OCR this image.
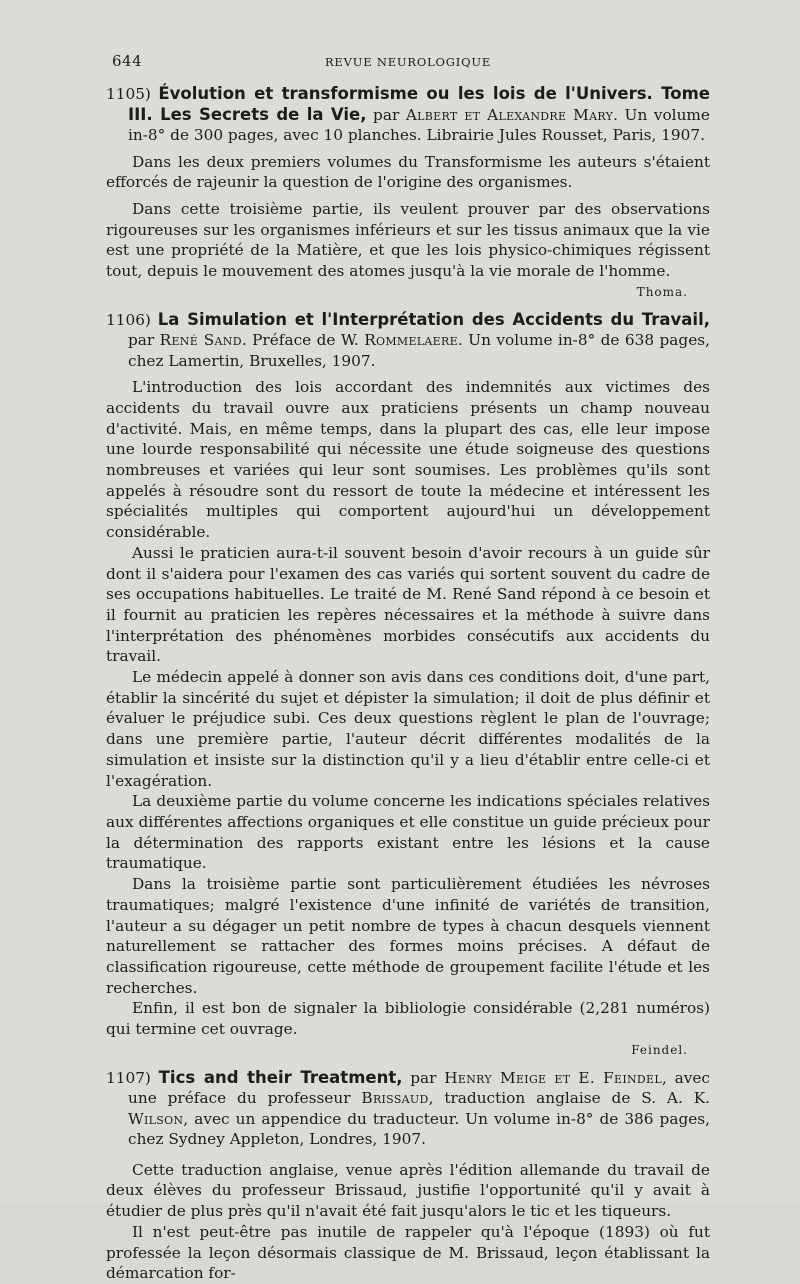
644	REVUE NEUROLOGIQUE

1105) Évolution et transformisme ou les lois de l'Univers. Tome III. Les Secrets de la Vie, par Albert et Alexandre Mary. Un volume in-8° de 300 pages, avec 10 planches. Librairie Jules Rousset, Paris, 1907.

Dans les deux premiers volumes du Transformisme les auteurs s'étaient efforcés de rajeunir la question de l'origine des organismes.

Dans cette troisième partie, ils veulent prouver par des observations rigoureuses sur les organismes inférieurs et sur les tissus animaux que la vie est une propriété de la Matière, et que les lois physico-chimiques régissent tout, depuis le mouvement des atomes jusqu'à la vie morale de l'homme.

Thoma.

1106) La Simulation et l'Interprétation des Accidents du Travail, par René Sand. Préface de W. Rommelaere. Un volume in-8° de 638 pages, chez Lamertin, Bruxelles, 1907.

L'introduction des lois accordant des indemnités aux victimes des accidents du travail ouvre aux praticiens présents un champ nouveau d'activité. Mais, en même temps, dans la plupart des cas, elle leur impose une lourde responsabilité qui nécessite une étude soigneuse des questions nombreuses et variées qui leur sont soumises. Les problèmes qu'ils sont appelés à résoudre sont du ressort de toute la médecine et intéressent les spécialités multiples qui comportent aujourd'hui un développement considérable.

Aussi le praticien aura-t-il souvent besoin d'avoir recours à un guide sûr dont il s'aidera pour l'examen des cas variés qui sortent souvent du cadre de ses occupations habituelles. Le traité de M. René Sand répond à ce besoin et il fournit au praticien les repères nécessaires et la méthode à suivre dans l'interprétation des phénomènes morbides consécutifs aux accidents du travail.

Le médecin appelé à donner son avis dans ces conditions doit, d'une part, établir la sincérité du sujet et dépister la simulation; il doit de plus définir et évaluer le préjudice subi. Ces deux questions règlent le plan de l'ouvrage; dans une première partie, l'auteur décrit différentes modalités de la simulation et insiste sur la distinction qu'il y a lieu d'établir entre celle-ci et l'exagération.

La deuxième partie du volume concerne les indications spéciales relatives aux différentes affections organiques et elle constitue un guide précieux pour la détermination des rapports existant entre les lésions et la cause traumatique.

Dans la troisième partie sont particulièrement étudiées les névroses traumatiques; malgré l'existence d'une infinité de variétés de transition, l'auteur a su dégager un petit nombre de types à chacun desquels viennent naturellement se rattacher des formes moins précises. A défaut de classification rigoureuse, cette méthode de groupement facilite l'étude et les recherches.

Enfin, il est bon de signaler la bibliologie considérable (2,281 numéros) qui termine cet ouvrage.

Feindel.

1107) Tics and their Treatment, par Henry Meige et E. Feindel, avec une préface du professeur Brissaud, traduction anglaise de S. A. K. Wilson, avec un appendice du traducteur. Un volume in-8° de 386 pages, chez Sydney Appleton, Londres, 1907.

Cette traduction anglaise, venue après l'édition allemande du travail de deux élèves du professeur Brissaud, justifie l'opportunité qu'il y avait à étudier de plus près qu'il n'avait été fait jusqu'alors le tic et les tiqueurs.

Il n'est peut-être pas inutile de rappeler qu'à l'époque (1893) où fut professée la leçon désormais classique de M. Brissaud, leçon établissant la démarcation for-
